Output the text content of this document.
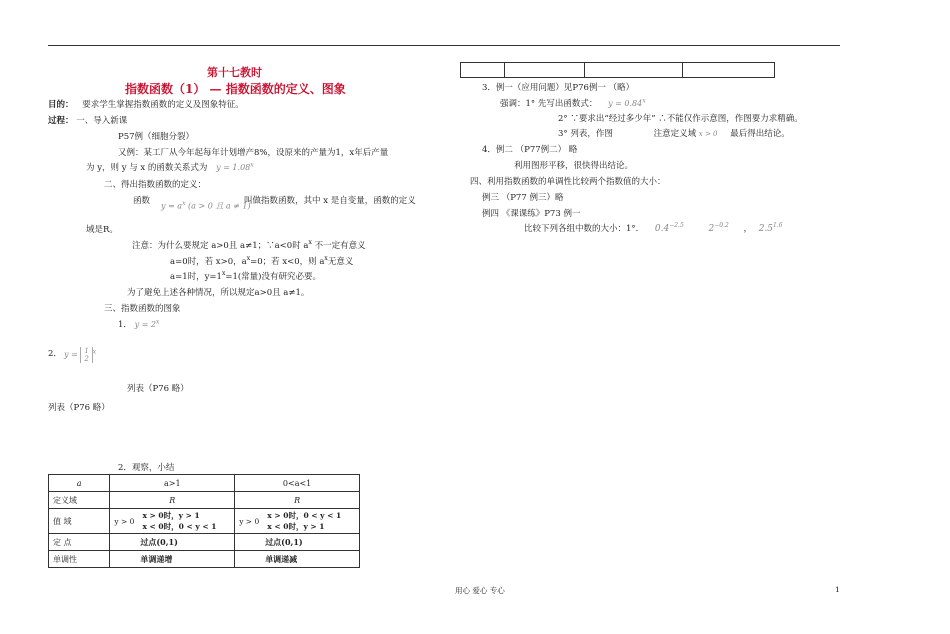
第十七教时
指数函数（1） — 指数函数的定义、图象
目的： 要求学生掌握指数函数的定义及图象特征。
过程： 一、导入新课
P57例（细胞分裂）
又例：某工厂从今年起每年计划增产8%，设原来的产量为1，x年后产量
为 y，则 y 与 x 的函数关系式为 $y = 1.08^x$
二、得出指数函数的定义：
函数
$y = a^x$ (a > 0 且 a ≠ 1)
叫做指数函数，其中 x 是自变量，函数的定义
域是R。
注意：为什么要规定 a>0且 a≠1；∵a<0时 $a^x$ 不一定有意义
a=0时，若 x>0，$a^x=0$；若 x<0，则 $a^x$无意义
a=1时，$y=1^x=1$(常量)没有研究必要。
为了避免上述各种情况，所以规定a>0且 a≠1。
三、指数函数的图象
1． $y = 2^x$
2． y = 1
2$^x$
列表（P76 略）
列表（P76 略）
2．观察，小结
a	a>1	0<a<1
定义域	R	R
值 域	y > 0
x > 0时，y > 1
x < 0时，0 < y < 1	y > 0
x > 0时，0 < y < 1
x < 0时，y > 1

定 点	过点(0,1)	过点(0,1)
单调性	单调递增	单调递减
3．例一（应用问题）见P76例一 （略）
强调：1° 先写出函数式： $y = 0.84^x$
2° ∵要求出“经过多少年” ∴不能仅作示意图，作图要力求精确。
3° 列表，作图	注意定义域 x > 0 最后得出结论。
4．例二 （P77例二） 略
利用图形平移，很快得出结论。
四、利用指数函数的单调性比较两个指数值的大小：
例三 （P77 例三）略
例四 《课课练》P73 例一
比较下列各组中数的大小：1°． $0.4^{-2.5}$	$2^{-0.2}$ ， $2.5^{1.6}$
用心 爱心 专心	1
